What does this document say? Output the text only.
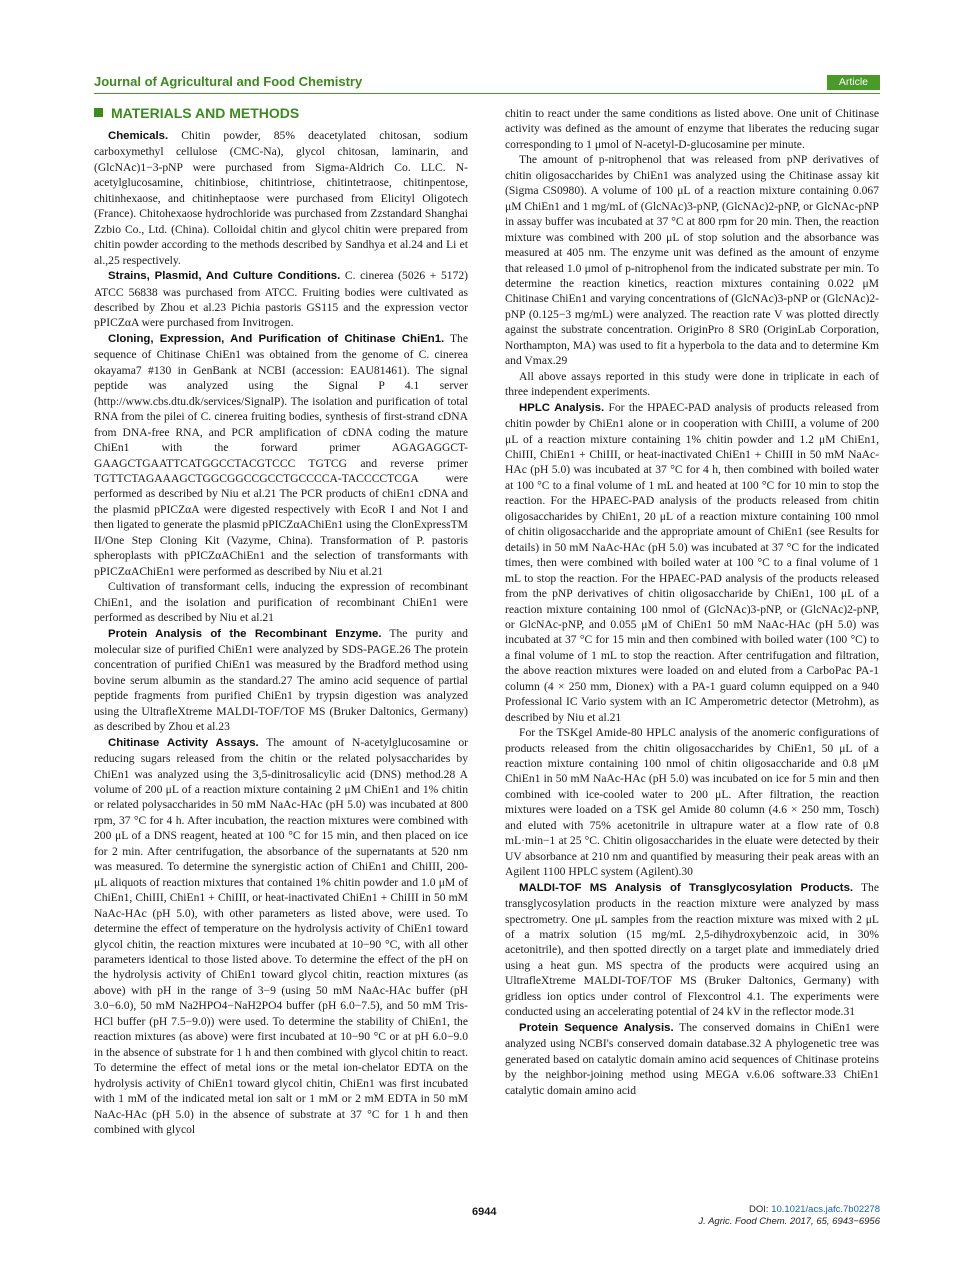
Journal of Agricultural and Food Chemistry	Article
MATERIALS AND METHODS

Chemicals. Chitin powder, 85% deacetylated chitosan, sodium carboxymethyl cellulose (CMC-Na), glycol chitosan, laminarin, and (GlcNAc)1−3-pNP were purchased from Sigma-Aldrich Co. LLC. N-acetylglucosamine, chitinbiose, chitintriose, chitintetraose, chitinpentose, chitinhexaose, and chitinheptaose were purchased from Elicityl Oligotech (France). Chitohexaose hydrochloride was purchased from Zzstandard Shanghai Zzbio Co., Ltd. (China). Colloidal chitin and glycol chitin were prepared from chitin powder according to the methods described by Sandhya et al.24 and Li et al.,25 respectively.

Strains, Plasmid, And Culture Conditions. C. cinerea (5026 + 5172) ATCC 56838 was purchased from ATCC. Fruiting bodies were cultivated as described by Zhou et al.23 Pichia pastoris GS115 and the expression vector pPICZαA were purchased from Invitrogen.

Cloning, Expression, And Purification of Chitinase ChiEn1. The sequence of Chitinase ChiEn1 was obtained from the genome of C. cinerea okayama7 #130 in GenBank at NCBI (accession: EAU81461). The signal peptide was analyzed using the Signal P 4.1 server (http://www.cbs.dtu.dk/services/SignalP). The isolation and purification of total RNA from the pilei of C. cinerea fruiting bodies, synthesis of first-strand cDNA from DNA-free RNA, and PCR amplification of cDNA coding the mature ChiEn1 with the forward primer AGAGAGGCT-GAAGCTGAATTCATGGCCTACGTCCC TGTCG and reverse primer TGTTCTAGAAAGCTGGCGGCCGCCTGCCCCA-TACCCCTCGA were performed as described by Niu et al.21 The PCR products of chiEn1 cDNA and the plasmid pPICZαA were digested respectively with EcoR I and Not I and then ligated to generate the plasmid pPICZαAChiEn1 using the ClonExpressTM II/One Step Cloning Kit (Vazyme, China). Transformation of P. pastoris spheroplasts with pPICZαAChiEn1 and the selection of transformants with pPICZαAChiEn1 were performed as described by Niu et al.21

Cultivation of transformant cells, inducing the expression of recombinant ChiEn1, and the isolation and purification of recombinant ChiEn1 were performed as described by Niu et al.21

Protein Analysis of the Recombinant Enzyme. The purity and molecular size of purified ChiEn1 were analyzed by SDS-PAGE.26 The protein concentration of purified ChiEn1 was measured by the Bradford method using bovine serum albumin as the standard.27 The amino acid sequence of partial peptide fragments from purified ChiEn1 by trypsin digestion was analyzed using the UltrafleXtreme MALDI-TOF/TOF MS (Bruker Daltonics, Germany) as described by Zhou et al.23

Chitinase Activity Assays. The amount of N-acetylglucosamine or reducing sugars released from the chitin or the related polysaccharides by ChiEn1 was analyzed using the 3,5-dinitrosalicylic acid (DNS) method.28 A volume of 200 μL of a reaction mixture containing 2 μM ChiEn1 and 1% chitin or related polysaccharides in 50 mM NaAc-HAc (pH 5.0) was incubated at 800 rpm, 37 °C for 4 h. After incubation, the reaction mixtures were combined with 200 μL of a DNS reagent, heated at 100 °C for 15 min, and then placed on ice for 2 min. After centrifugation, the absorbance of the supernatants at 520 nm was measured. To determine the synergistic action of ChiEn1 and ChiIII, 200-μL aliquots of reaction mixtures that contained 1% chitin powder and 1.0 μM of ChiEn1, ChiIII, ChiEn1 + ChiIII, or heat-inactivated ChiEn1 + ChiIII in 50 mM NaAc-HAc (pH 5.0), with other parameters as listed above, were used. To determine the effect of temperature on the hydrolysis activity of ChiEn1 toward glycol chitin, the reaction mixtures were incubated at 10−90 °C, with all other parameters identical to those listed above. To determine the effect of the pH on the hydrolysis activity of ChiEn1 toward glycol chitin, reaction mixtures (as above) with pH in the range of 3−9 (using 50 mM NaAc-HAc buffer (pH 3.0−6.0), 50 mM Na2HPO4−NaH2PO4 buffer (pH 6.0−7.5), and 50 mM Tris-HCl buffer (pH 7.5−9.0)) were used. To determine the stability of ChiEn1, the reaction mixtures (as above) were first incubated at 10−90 °C or at pH 6.0−9.0 in the absence of substrate for 1 h and then combined with glycol chitin to react. To determine the effect of metal ions or the metal ion-chelator EDTA on the hydrolysis activity of ChiEn1 toward glycol chitin, ChiEn1 was first incubated with 1 mM of the indicated metal ion salt or 1 mM or 2 mM EDTA in 50 mM NaAc-HAc (pH 5.0) in the absence of substrate at 37 °C for 1 h and then combined with glycol

chitin to react under the same conditions as listed above. One unit of Chitinase activity was defined as the amount of enzyme that liberates the reducing sugar corresponding to 1 μmol of N-acetyl-D-glucosamine per minute.

The amount of p-nitrophenol that was released from pNP derivatives of chitin oligosaccharides by ChiEn1 was analyzed using the Chitinase assay kit (Sigma CS0980). A volume of 100 μL of a reaction mixture containing 0.067 μM ChiEn1 and 1 mg/mL of (GlcNAc)3-pNP, (GlcNAc)2-pNP, or GlcNAc-pNP in assay buffer was incubated at 37 °C at 800 rpm for 20 min. Then, the reaction mixture was combined with 200 μL of stop solution and the absorbance was measured at 405 nm. The enzyme unit was defined as the amount of enzyme that released 1.0 μmol of p-nitrophenol from the indicated substrate per min. To determine the reaction kinetics, reaction mixtures containing 0.022 μM Chitinase ChiEn1 and varying concentrations of (GlcNAc)3-pNP or (GlcNAc)2-pNP (0.125−3 mg/mL) were analyzed. The reaction rate V was plotted directly against the substrate concentration. OriginPro 8 SR0 (OriginLab Corporation, Northampton, MA) was used to fit a hyperbola to the data and to determine Km and Vmax.29

All above assays reported in this study were done in triplicate in each of three independent experiments.

HPLC Analysis. For the HPAEC-PAD analysis of products released from chitin powder by ChiEn1 alone or in cooperation with ChiIII, a volume of 200 μL of a reaction mixture containing 1% chitin powder and 1.2 μM ChiEn1, ChiIII, ChiEn1 + ChiIII, or heat-inactivated ChiEn1 + ChiIII in 50 mM NaAc-HAc (pH 5.0) was incubated at 37 °C for 4 h, then combined with boiled water at 100 °C to a final volume of 1 mL and heated at 100 °C for 10 min to stop the reaction. For the HPAEC-PAD analysis of the products released from chitin oligosaccharides by ChiEn1, 20 μL of a reaction mixture containing 100 nmol of chitin oligosaccharide and the appropriate amount of ChiEn1 (see Results for details) in 50 mM NaAc-HAc (pH 5.0) was incubated at 37 °C for the indicated times, then were combined with boiled water at 100 °C to a final volume of 1 mL to stop the reaction. For the HPAEC-PAD analysis of the products released from the pNP derivatives of chitin oligosaccharide by ChiEn1, 100 μL of a reaction mixture containing 100 nmol of (GlcNAc)3-pNP, or (GlcNAc)2-pNP, or GlcNAc-pNP, and 0.055 μM of ChiEn1 50 mM NaAc-HAc (pH 5.0) was incubated at 37 °C for 15 min and then combined with boiled water (100 °C) to a final volume of 1 mL to stop the reaction. After centrifugation and filtration, the above reaction mixtures were loaded on and eluted from a CarboPac PA-1 column (4 × 250 mm, Dionex) with a PA-1 guard column equipped on a 940 Professional IC Vario system with an IC Amperometric detector (Metrohm), as described by Niu et al.21

For the TSKgel Amide-80 HPLC analysis of the anomeric configurations of products released from the chitin oligosaccharides by ChiEn1, 50 μL of a reaction mixture containing 100 nmol of chitin oligosaccharide and 0.8 μM ChiEn1 in 50 mM NaAc-HAc (pH 5.0) was incubated on ice for 5 min and then combined with ice-cooled water to 200 μL. After filtration, the reaction mixtures were loaded on a TSK gel Amide 80 column (4.6 × 250 mm, Tosch) and eluted with 75% acetonitrile in ultrapure water at a flow rate of 0.8 mL·min−1 at 25 °C. Chitin oligosaccharides in the eluate were detected by their UV absorbance at 210 nm and quantified by measuring their peak areas with an Agilent 1100 HPLC system (Agilent).30

MALDI-TOF MS Analysis of Transglycosylation Products. The transglycosylation products in the reaction mixture were analyzed by mass spectrometry. One μL samples from the reaction mixture was mixed with 2 μL of a matrix solution (15 mg/mL 2,5-dihydroxybenzoic acid, in 30% acetonitrile), and then spotted directly on a target plate and immediately dried using a heat gun. MS spectra of the products were acquired using an UltrafleXtreme MALDI-TOF/TOF MS (Bruker Daltonics, Germany) with gridless ion optics under control of Flexcontrol 4.1. The experiments were conducted using an accelerating potential of 24 kV in the reflector mode.31

Protein Sequence Analysis. The conserved domains in ChiEn1 were analyzed using NCBI's conserved domain database.32 A phylogenetic tree was generated based on catalytic domain amino acid sequences of Chitinase proteins by the neighbor-joining method using MEGA v.6.06 software.33 ChiEn1 catalytic domain amino acid

6944	DOI: 10.1021/acs.jafc.7b02278
J. Agric. Food Chem. 2017, 65, 6943−6956
